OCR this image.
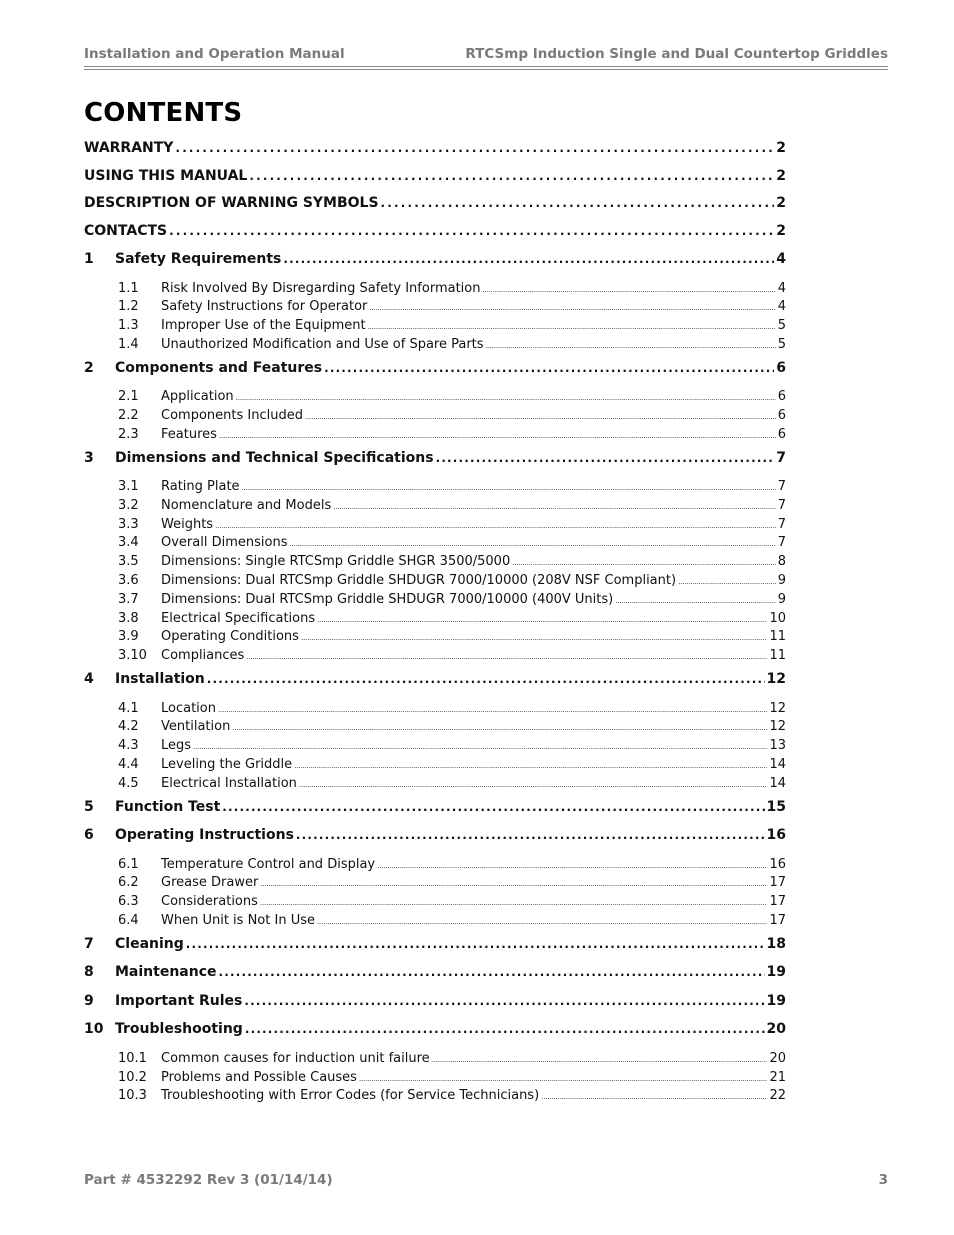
Installation and Operation Manual	RTCSmp Induction Single and Dual Countertop Griddles
CONTENTS
WARRANTY . . .	2
USING THIS MANUAL . . .	2
DESCRIPTION OF WARNING SYMBOLS . . .	2
CONTACTS . . .	2
1	Safety Requirements . . .	4
1.1	Risk Involved By Disregarding Safety Information . . .	4
1.2	Safety Instructions for Operator . . .	4
1.3	Improper Use of the Equipment . . .	5
1.4	Unauthorized Modification and Use of Spare Parts . . .	5
2	Components and Features . . .	6
2.1	Application . . .	6
2.2	Components Included . . .	6
2.3	Features . . .	6
3	Dimensions and Technical Specifications . . .	7
3.1	Rating Plate . . .	7
3.2	Nomenclature and Models . . .	7
3.3	Weights . . .	7
3.4	Overall Dimensions . . .	7
3.5	Dimensions: Single RTCSmp Griddle SHGR 3500/5000 . . .	8
3.6	Dimensions: Dual RTCSmp Griddle SHDUGR 7000/10000 (208V NSF Compliant) . . .	9
3.7	Dimensions: Dual RTCSmp Griddle SHDUGR 7000/10000 (400V Units) . . .	9
3.8	Electrical Specifications . . .	10
3.9	Operating Conditions . . .	11
3.10	Compliances . . .	11
4	Installation . . .	12
4.1	Location . . .	12
4.2	Ventilation . . .	12
4.3	Legs . . .	13
4.4	Leveling the Griddle . . .	14
4.5	Electrical Installation . . .	14
5	Function Test . . .	15
6	Operating Instructions . . .	16
6.1	Temperature Control and Display . . .	16
6.2	Grease Drawer . . .	17
6.3	Considerations . . .	17
6.4	When Unit is Not In Use . . .	17
7	Cleaning . . .	18
8	Maintenance . . .	19
9	Important Rules . . .	19
10 Troubleshooting . . .	20
10.1	Common causes for induction unit failure . . .	20
10.2	Problems and Possible Causes . . .	21
10.3	Troubleshooting with Error Codes (for Service Technicians) . . .	22
Part # 4532292 Rev 3 (01/14/14)	3
